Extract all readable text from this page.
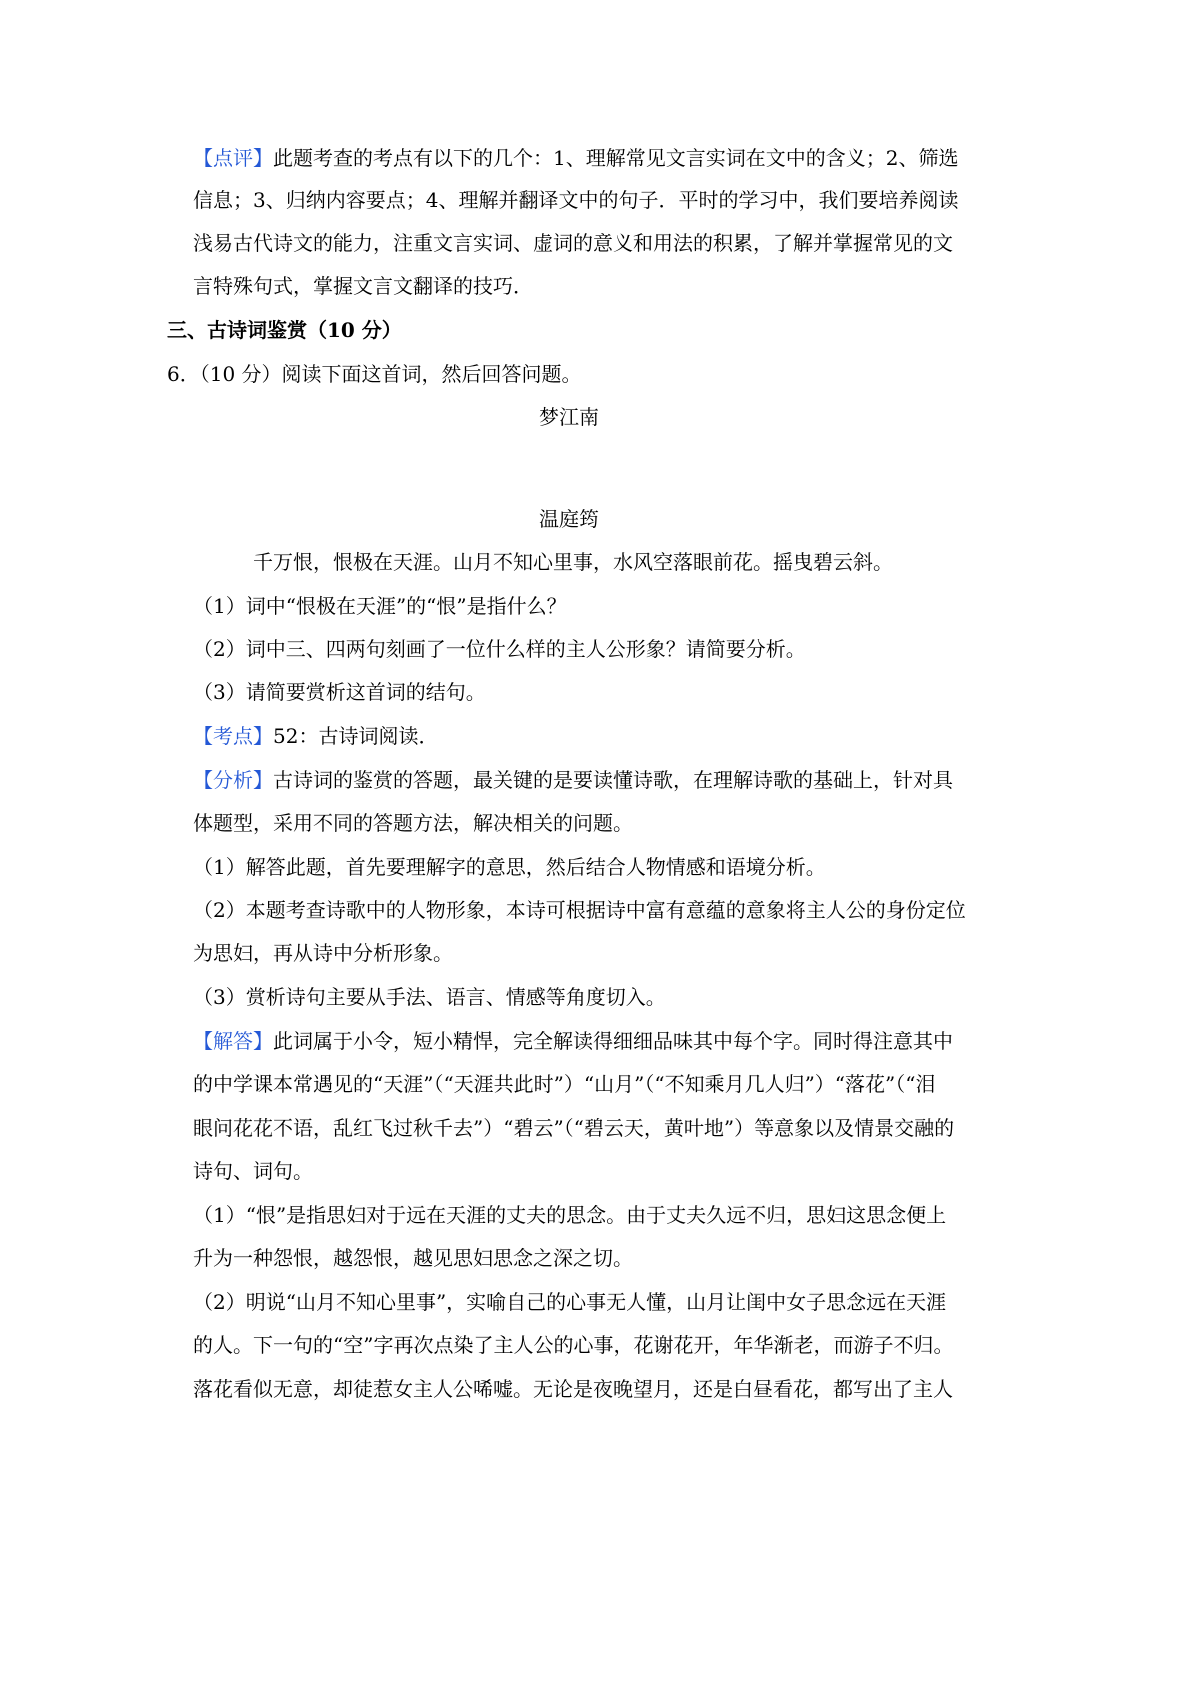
【点评】此题考查的考点有以下的几个：1、理解常见文言实词在文中的含义；2、筛选
信息；3、归纳内容要点；4、理解并翻译文中的句子．平时的学习中，我们要培养阅读
浅易古代诗文的能力，注重文言实词、虚词的意义和用法的积累，了解并掌握常见的文
言特殊句式，掌握文言文翻译的技巧．
三、古诗词鉴赏（10 分）
6．（10 分）阅读下面这首词，然后回答问题。
梦江南
温庭筠
千万恨，恨极在天涯。山月不知心里事，水风空落眼前花。摇曳碧云斜。
（1）词中“恨极在天涯”的“恨”是指什么？
（2）词中三、四两句刻画了一位什么样的主人公形象？请简要分析。
（3）请简要赏析这首词的结句。
【考点】52：古诗词阅读．
【分析】古诗词的鉴赏的答题，最关键的是要读懂诗歌，在理解诗歌的基础上，针对具
体题型，采用不同的答题方法，解决相关的问题。
（1）解答此题，首先要理解字的意思，然后结合人物情感和语境分析。
（2）本题考查诗歌中的人物形象，本诗可根据诗中富有意蕴的意象将主人公的身份定位
为思妇，再从诗中分析形象。
（3）赏析诗句主要从手法、语言、情感等角度切入。
【解答】此词属于小令，短小精悍，完全解读得细细品味其中每个字。同时得注意其中
的中学课本常遇见的“天涯”（“天涯共此时”）“山月”（“不知乘月几人归”）“落花”（“泪
眼问花花不语，乱红飞过秋千去”）“碧云”（“碧云天，黄叶地”）等意象以及情景交融的
诗句、词句。
（1）“恨”是指思妇对于远在天涯的丈夫的思念。由于丈夫久远不归，思妇这思念便上
升为一种怨恨，越怨恨，越见思妇思念之深之切。
（2）明说“山月不知心里事”，实喻自己的心事无人懂，山月让闺中女子思念远在天涯
的人。下一句的“空”字再次点染了主人公的心事，花谢花开，年华渐老，而游子不归。
落花看似无意，却徒惹女主人公唏嘘。无论是夜晚望月，还是白昼看花，都写出了主人
